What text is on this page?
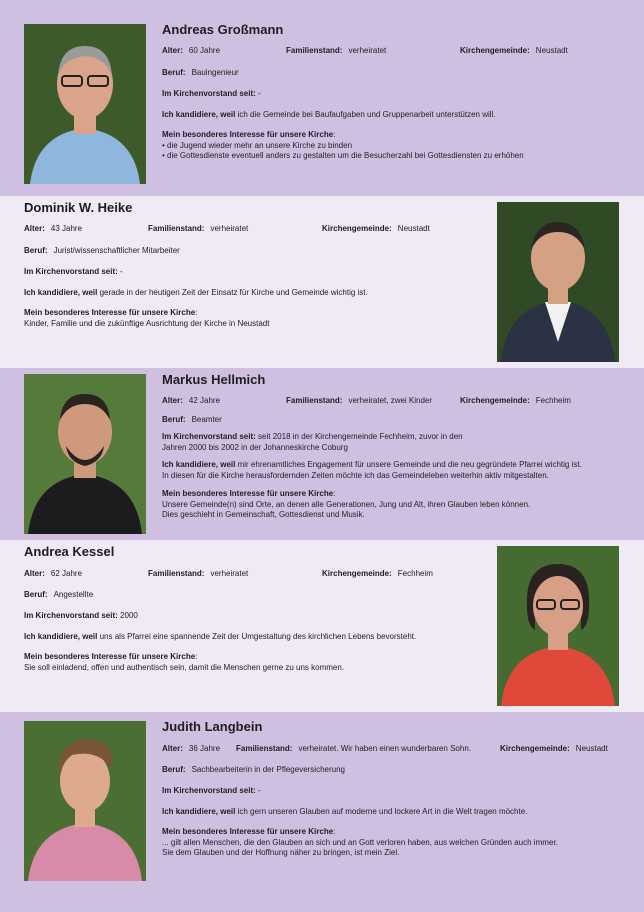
Andreas Großmann
Alter: 60 Jahre	Familienstand: verheiratet	Kirchengemeinde: Neustadt
Beruf: Bauingenieur
Im Kirchenvorstand seit: -
Ich kandidiere, weil ich die Gemeinde bei Baufaufgaben und Gruppenarbeit unterstützen will.
Mein besonderes Interesse für unsere Kirche:
• die Jugend wieder mehr an unsere Kirche zu binden
• die Gottesdienste eventuell anders zu gestalten um die Besucherzahl bei Gottesdiensten zu erhöhen
Dominik W. Heike
Alter: 43 Jahre	Familienstand: verheiratet	Kirchengemeinde: Neustadt
Beruf: Jurist/wissenschaftlicher Mitarbeiter
Im Kirchenvorstand seit: -
Ich kandidiere, weil gerade in der heutigen Zeit der Einsatz für Kirche und Gemeinde wichtig ist.
Mein besonderes Interesse für unsere Kirche:
Kinder, Familie und die zukünftige Ausrichtung der Kirche in Neustadt
Markus Hellmich
Alter: 42 Jahre	Familienstand: verheiratet, zwei Kinder	Kirchengemeinde: Fechheim
Beruf: Beamter
Im Kirchenvorstand seit: seit 2018 in der Kirchengemeinde Fechheim, zuvor in den
Jahren 2000 bis 2002 in der Johanneskirche Coburg
Ich kandidiere, weil mir ehrenamtliches Engagement für unsere Gemeinde und die neu gegründete Pfarrei wichtig ist.
In diesen für die Kirche herausfordernden Zeiten möchte ich das Gemeindeleben weiterhin aktiv mitgestalten.
Mein besonderes Interesse für unsere Kirche:
Unsere Gemeinde(n) sind Orte, an denen alle Generationen, Jung und Alt, ihren Glauben leben können.
Dies geschieht in Gemeinschaft, Gottesdienst und Musik.
Andrea Kessel
Alter: 62 Jahre	Familienstand: verheiratet	Kirchengemeinde: Fechheim
Beruf: Angestellte
Im Kirchenvorstand seit: 2000
Ich kandidiere, weil uns als Pfarrei eine spannende Zeit der Umgestaltung des kirchlichen Lebens bevorsteht.
Mein besonderes Interesse für unsere Kirche:
Sie soll einladend, offen und authentisch sein, damit die Menschen gerne zu uns kommen.
Judith Langbein
Alter: 36 Jahre Familienstand: verheiratet. Wir haben einen wunderbaren Sohn.	Kirchengemeinde: Neustadt
Beruf: Sachbearbeiterin in der Pflegeversicherung
Im Kirchenvorstand seit: -
Ich kandidiere, weil ich gern unseren Glauben auf moderne und lockere Art in die Welt tragen möchte.
Mein besonderes Interesse für unsere Kirche:
... gilt allen Menschen, die den Glauben an sich und an Gott verloren haben, aus welchen Gründen auch immer.
Sie dem Glauben und der Hoffnung näher zu bringen, ist mein Ziel.
